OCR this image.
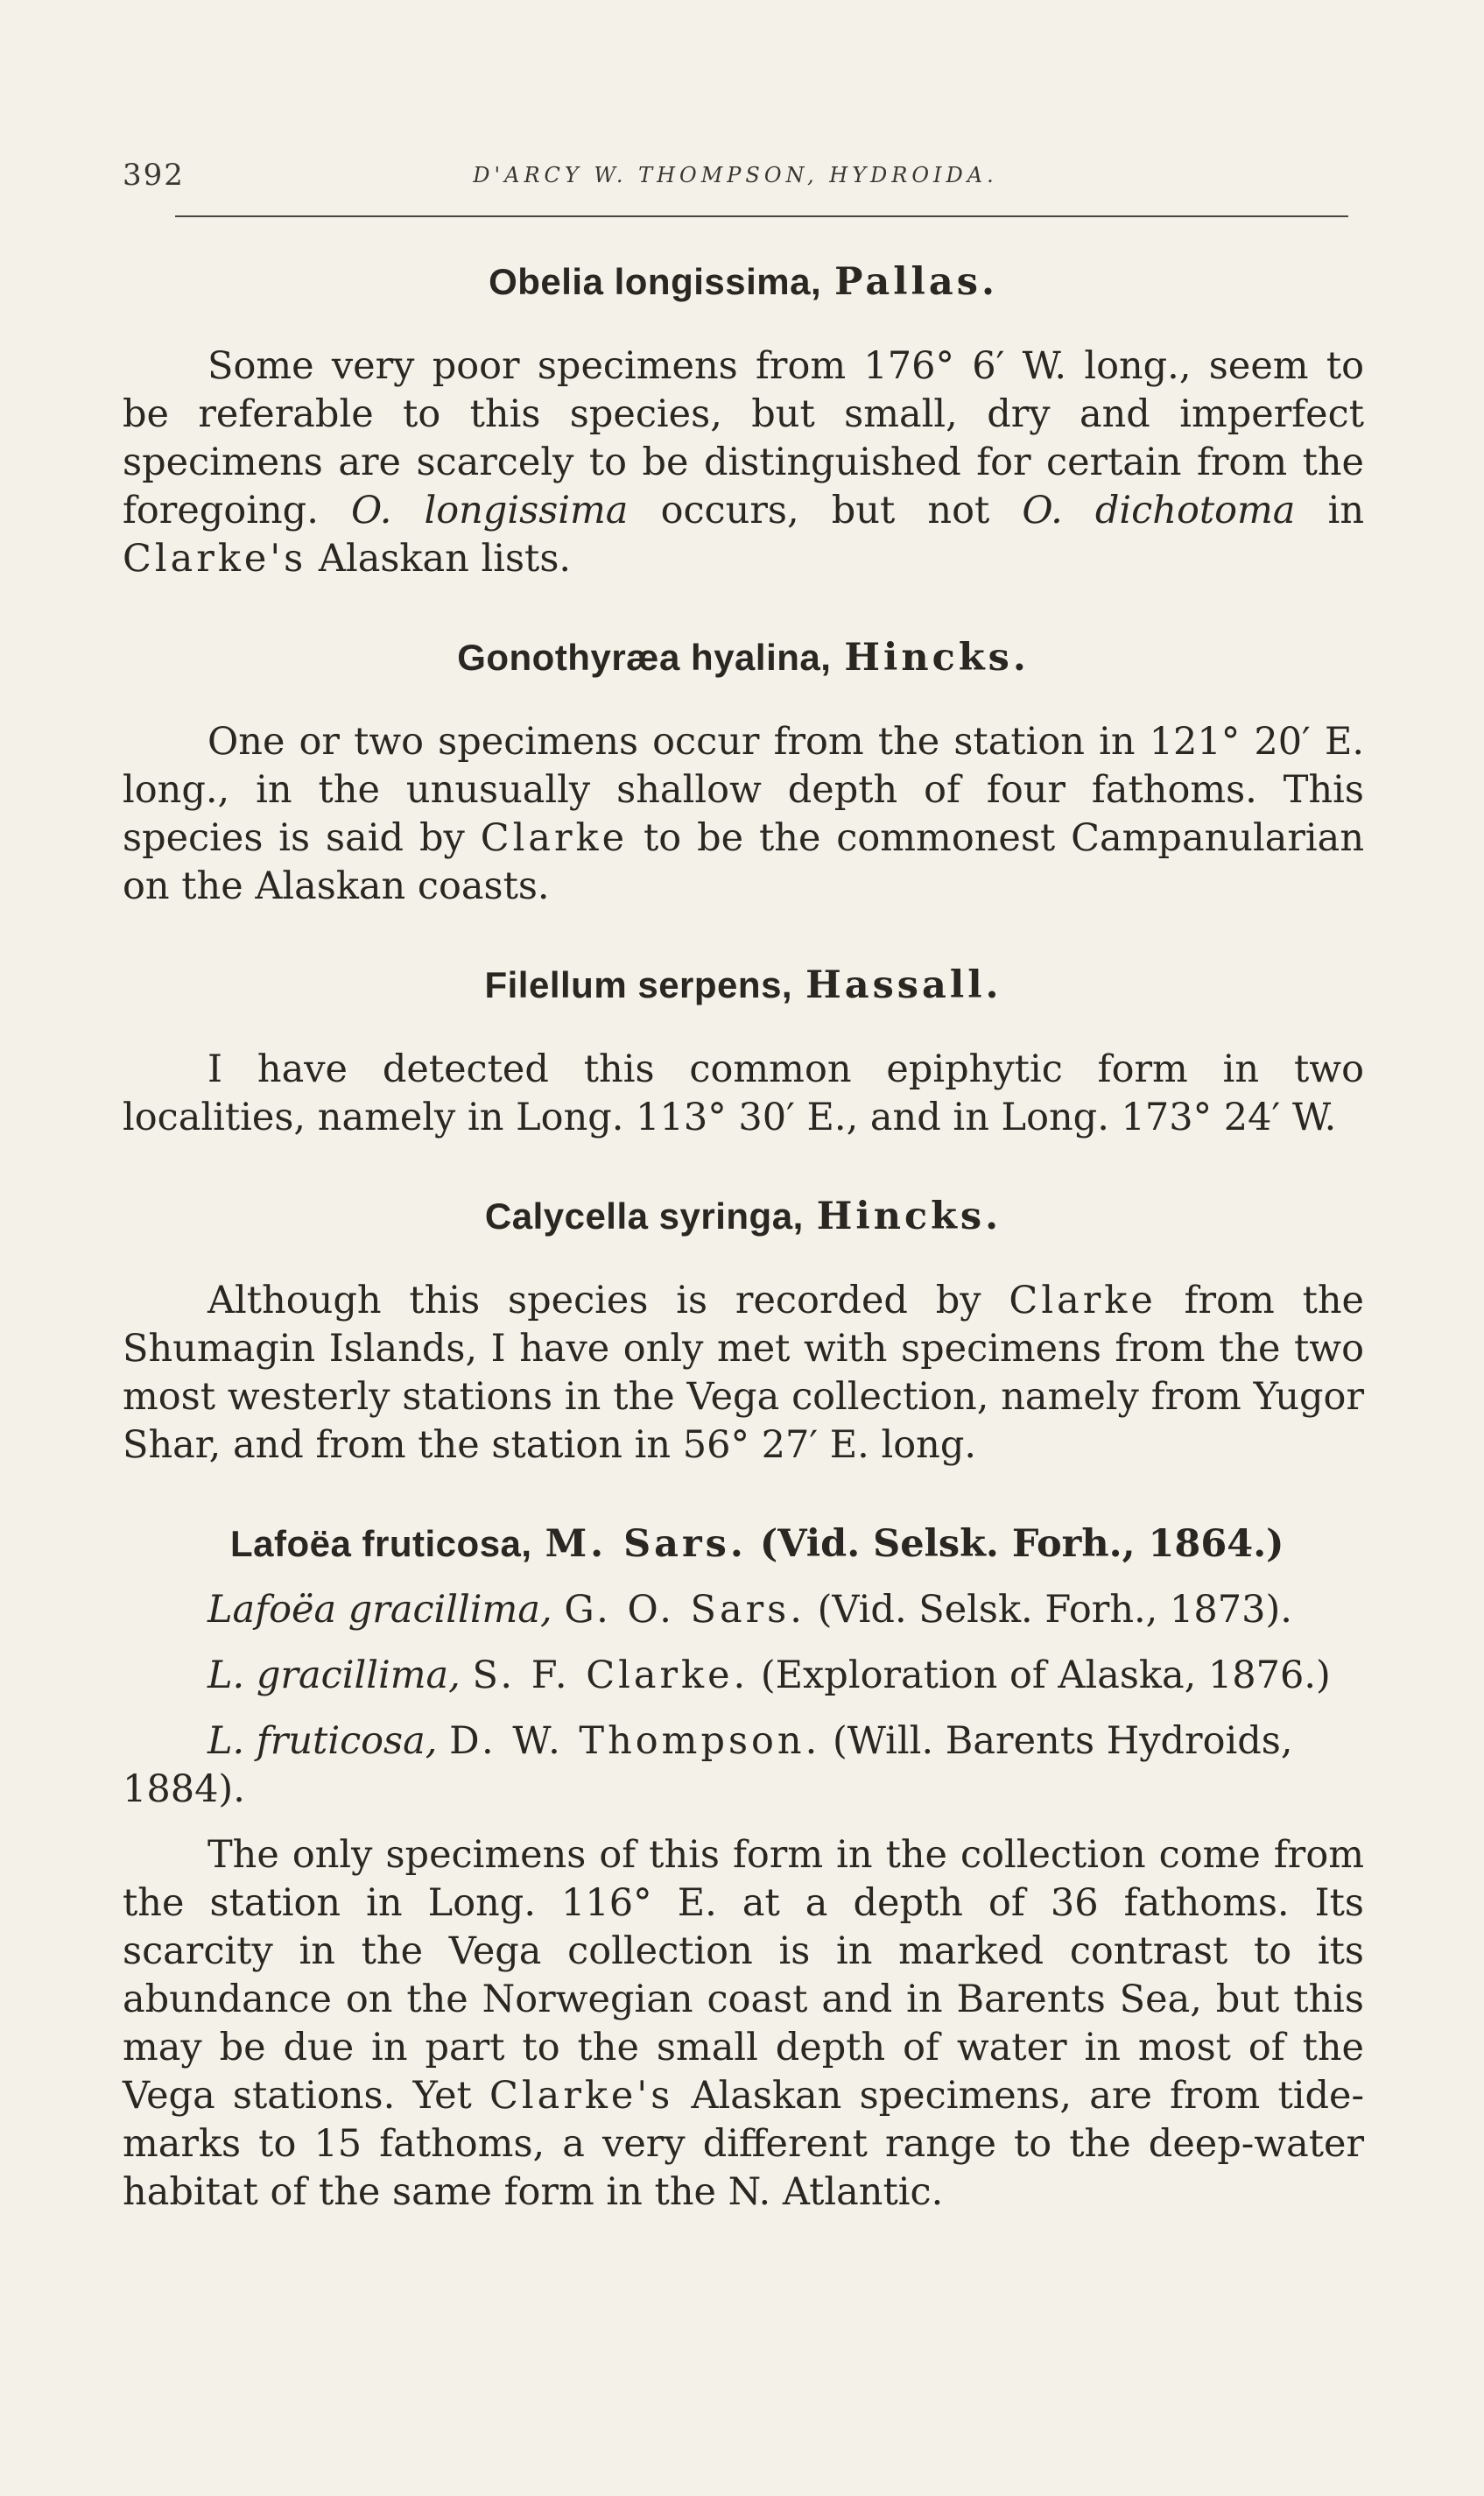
392	D'ARCY W. THOMPSON, HYDROIDA.
Obelia longissima, Pallas.

Some very poor specimens from 176° 6′ W. long., seem to be referable to this species, but small, dry and imperfect specimens are scarcely to be distinguished for certain from the foregoing. O. longissima occurs, but not O. dichotoma in Clarke's Alaskan lists.

Gonothyræa hyalina, Hincks.

One or two specimens occur from the station in 121° 20′ E. long., in the unusually shallow depth of four fathoms. This species is said by Clarke to be the commonest Campanularian on the Alaskan coasts.

Filellum serpens, Hassall.

I have detected this common epiphytic form in two localities, namely in Long. 113° 30′ E., and in Long. 173° 24′ W.

Calycella syringa, Hincks.

Although this species is recorded by Clarke from the Shumagin Islands, I have only met with specimens from the two most westerly stations in the Vega collection, namely from Yugor Shar, and from the station in 56° 27′ E. long.

Lafoëa fruticosa, M. Sars. (Vid. Selsk. Forh., 1864.)

Lafoëa gracillima, G. O. Sars. (Vid. Selsk. Forh., 1873).

L. gracillima, S. F. Clarke. (Exploration of Alaska, 1876.)

L. fruticosa, D. W. Thompson. (Will. Barents Hydroids, 1884).

The only specimens of this form in the collection come from the station in Long. 116° E. at a depth of 36 fathoms. Its scarcity in the Vega collection is in marked contrast to its abundance on the Norwegian coast and in Barents Sea, but this may be due in part to the small depth of water in most of the Vega stations. Yet Clarke's Alaskan specimens, are from tide-marks to 15 fathoms, a very different range to the deep-water habitat of the same form in the N. Atlantic.
